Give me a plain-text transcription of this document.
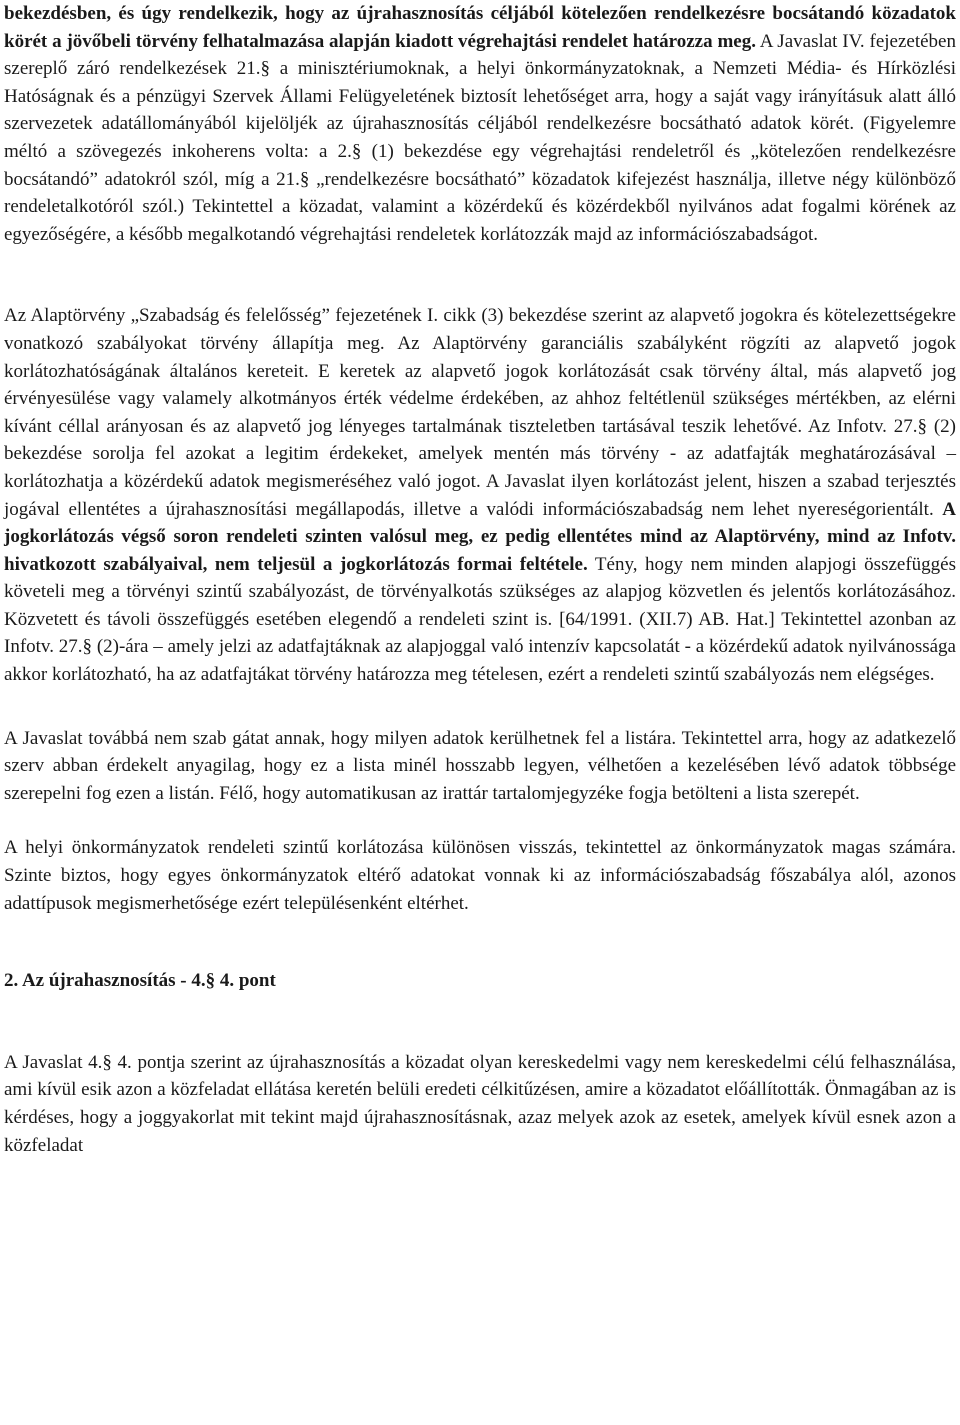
bekezdésben, és úgy rendelkezik, hogy az újrahasznosítás céljából kötelezően rendelkezésre bocsátandó közadatok körét a jövőbeli törvény felhatalmazása alapján kiadott végrehajtási rendelet határozza meg. A Javaslat IV. fejezetében szereplő záró rendelkezések 21.§ a minisztériumoknak, a helyi önkormányzatoknak, a Nemzeti Média- és Hírközlési Hatóságnak és a pénzügyi Szervek Állami Felügyeletének biztosít lehetőséget arra, hogy a saját vagy irányításuk alatt álló szervezetek adatállományából kijelöljék az újrahasznosítás céljából rendelkezésre bocsátható adatok körét. (Figyelemre méltó a szövegezés inkoherens volta: a 2.§ (1) bekezdése egy végrehajtási rendeletről és „kötelezően rendelkezésre bocsátandó” adatokról szól, míg a 21.§ „rendelkezésre bocsátható” közadatok kifejezést használja, illetve négy különböző rendeletalkotóról szól.) Tekintettel a közadat, valamint a közérdekű és közérdekből nyilvános adat fogalmi körének az egyezőségére, a később megalkotandó végrehajtási rendeletek korlátozzák majd az információszabadságot.

Az Alaptörvény „Szabadság és felelősség” fejezetének I. cikk (3) bekezdése szerint az alapvető jogokra és kötelezettségekre vonatkozó szabályokat törvény állapítja meg. Az Alaptörvény garanciális szabályként rögzíti az alapvető jogok korlátozhatóságának általános kereteit. E keretek az alapvető jogok korlátozását csak törvény által, más alapvető jog érvényesülése vagy valamely alkotmányos érték védelme érdekében, az ahhoz feltétlenül szükséges mértékben, az elérni kívánt céllal arányosan és az alapvető jog lényeges tartalmának tiszteletben tartásával teszik lehetővé. Az Infotv. 27.§ (2) bekezdése sorolja fel azokat a legitim érdekeket, amelyek mentén más törvény - az adatfajták meghatározásával – korlátozhatja a közérdekű adatok megismeréséhez való jogot. A Javaslat ilyen korlátozást jelent, hiszen a szabad terjesztés jogával ellentétes a újrahasznosítási megállapodás, illetve a valódi információszabadság nem lehet nyereségorientált. A jogkorlátozás végső soron rendeleti szinten valósul meg, ez pedig ellentétes mind az Alaptörvény, mind az Infotv. hivatkozott szabályaival, nem teljesül a jogkorlátozás formai feltétele. Tény, hogy nem minden alapjogi összefüggés követeli meg a törvényi szintű szabályozást, de törvényalkotás szükséges az alapjog közvetlen és jelentős korlátozásához. Közvetett és távoli összefüggés esetében elegendő a rendeleti szint is. [64/1991. (XII.7) AB. Hat.] Tekintettel azonban az Infotv. 27.§ (2)-ára – amely jelzi az adatfajtáknak az alapjoggal való intenzív kapcsolatát - a közérdekű adatok nyilvánossága akkor korlátozható, ha az adatfajtákat törvény határozza meg tételesen, ezért a rendeleti szintű szabályozás nem elégséges.

A Javaslat továbbá nem szab gátat annak, hogy milyen adatok kerülhetnek fel a listára. Tekintettel arra, hogy az adatkezelő szerv abban érdekelt anyagilag, hogy ez a lista minél hosszabb legyen, vélhetően a kezelésében lévő adatok többsége szerepelni fog ezen a listán. Félő, hogy automatikusan az irattár tartalomjegyzéke fogja betölteni a lista szerepét.

A helyi önkormányzatok rendeleti szintű korlátozása különösen visszás, tekintettel az önkormányzatok magas számára. Szinte biztos, hogy egyes önkormányzatok eltérő adatokat vonnak ki az információszabadság főszabálya alól, azonos adattípusok megismerhetősége ezért településenként eltérhet.

2. Az újrahasznosítás - 4.§ 4. pont

A Javaslat 4.§ 4. pontja szerint az újrahasznosítás a közadat olyan kereskedelmi vagy nem kereskedelmi célú felhasználása, ami kívül esik azon a közfeladat ellátása keretén belüli eredeti célkitűzésen, amire a közadatot előállították. Önmagában az is kérdéses, hogy a joggyakorlat mit tekint majd újrahasznosításnak, azaz melyek azok az esetek, amelyek kívül esnek azon a közfeladat
